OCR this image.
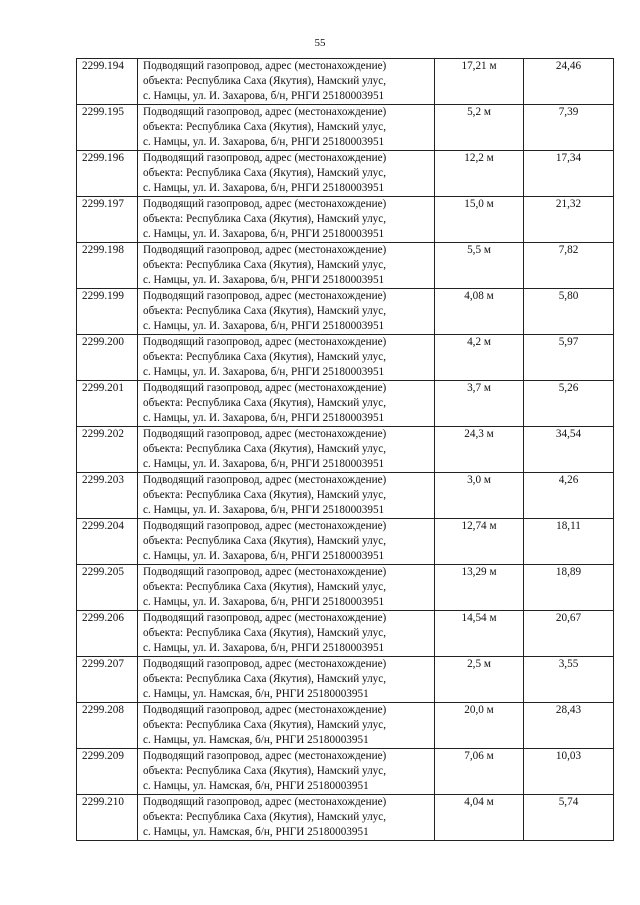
55
2299.194	Подводящий газопровод, адрес (местонахождение)
объекта: Республика Саха (Якутия), Намский улус,
с. Намцы, ул. И. Захарова, б/н, РНГИ 25180003951	17,21 м	24,46
2299.195	Подводящий газопровод, адрес (местонахождение)
объекта: Республика Саха (Якутия), Намский улус,
с. Намцы, ул. И. Захарова, б/н, РНГИ 25180003951	5,2 м	7,39
2299.196	Подводящий газопровод, адрес (местонахождение)
объекта: Республика Саха (Якутия), Намский улус,
с. Намцы, ул. И. Захарова, б/н, РНГИ 25180003951	12,2 м	17,34
2299.197	Подводящий газопровод, адрес (местонахождение)
объекта: Республика Саха (Якутия), Намский улус,
с. Намцы, ул. И. Захарова, б/н, РНГИ 25180003951	15,0 м	21,32
2299.198	Подводящий газопровод, адрес (местонахождение)
объекта: Республика Саха (Якутия), Намский улус,
с. Намцы, ул. И. Захарова, б/н, РНГИ 25180003951	5,5 м	7,82
2299.199	Подводящий газопровод, адрес (местонахождение)
объекта: Республика Саха (Якутия), Намский улус,
с. Намцы, ул. И. Захарова, б/н, РНГИ 25180003951	4,08 м	5,80
2299.200	Подводящий газопровод, адрес (местонахождение)
объекта: Республика Саха (Якутия), Намский улус,
с. Намцы, ул. И. Захарова, б/н, РНГИ 25180003951	4,2 м	5,97
2299.201	Подводящий газопровод, адрес (местонахождение)
объекта: Республика Саха (Якутия), Намский улус,
с. Намцы, ул. И. Захарова, б/н, РНГИ 25180003951	3,7 м	5,26
2299.202	Подводящий газопровод, адрес (местонахождение)
объекта: Республика Саха (Якутия), Намский улус,
с. Намцы, ул. И. Захарова, б/н, РНГИ 25180003951	24,3 м	34,54
2299.203	Подводящий газопровод, адрес (местонахождение)
объекта: Республика Саха (Якутия), Намский улус,
с. Намцы, ул. И. Захарова, б/н, РНГИ 25180003951	3,0 м	4,26
2299.204	Подводящий газопровод, адрес (местонахождение)
объекта: Республика Саха (Якутия), Намский улус,
с. Намцы, ул. И. Захарова, б/н, РНГИ 25180003951	12,74 м	18,11
2299.205	Подводящий газопровод, адрес (местонахождение)
объекта: Республика Саха (Якутия), Намский улус,
с. Намцы, ул. И. Захарова, б/н, РНГИ 25180003951	13,29 м	18,89
2299.206	Подводящий газопровод, адрес (местонахождение)
объекта: Республика Саха (Якутия), Намский улус,
с. Намцы, ул. И. Захарова, б/н, РНГИ 25180003951	14,54 м	20,67
2299.207	Подводящий газопровод, адрес (местонахождение)
объекта: Республика Саха (Якутия), Намский улус,
с. Намцы, ул. Намская, б/н, РНГИ 25180003951	2,5 м	3,55
2299.208	Подводящий газопровод, адрес (местонахождение)
объекта: Республика Саха (Якутия), Намский улус,
с. Намцы, ул. Намская, б/н, РНГИ 25180003951	20,0 м	28,43
2299.209	Подводящий газопровод, адрес (местонахождение)
объекта: Республика Саха (Якутия), Намский улус,
с. Намцы, ул. Намская, б/н, РНГИ 25180003951	7,06 м	10,03
2299.210	Подводящий газопровод, адрес (местонахождение)
объекта: Республика Саха (Якутия), Намский улус,
с. Намцы, ул. Намская, б/н, РНГИ 25180003951	4,04 м	5,74
